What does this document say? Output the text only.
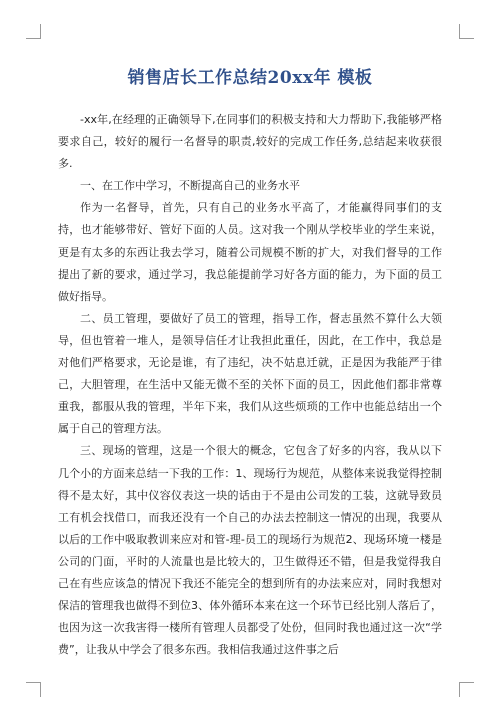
销售店长工作总结20xx年 模板

-xx年,在经理的正确领导下,在同事们的积极支持和大力帮助下,我能够严格要求自己，较好的履行一名督导的职责,较好的完成工作任务,总结起来收获很多.

一、在工作中学习，不断提高自己的业务水平

作为一名督导，首先，只有自己的业务水平高了，才能赢得同事们的支持，也才能够带好、管好下面的人员。这对我一个刚从学校毕业的学生来说，更是有太多的东西让我去学习，随着公司规模不断的扩大，对我们督导的工作提出了新的要求，通过学习，我总能提前学习好各方面的能力，为下面的员工做好指导。

二、员工管理，要做好了员工的管理，指导工作，督志虽然不算什么大领导，但也管着一堆人，是领导信任才让我担此重任，因此，在工作中，我总是对他们严格要求，无论是谁，有了违纪，决不姑息迁就，正是因为我能严于律己，大胆管理，在生活中又能无微不至的关怀下面的员工，因此他们都非常尊重我，都服从我的管理，半年下来，我们从这些烦琐的工作中也能总结出一个属于自己的管理方法。

三、现场的管理，这是一个很大的概念，它包含了好多的内容，我从以下几个小的方面来总结一下我的工作：1、现场行为规范，从整体来说我觉得控制得不是太好，其中仪容仪表这一块的话由于不是由公司发的工装，这就导致员工有机会找借口，而我还没有一个自己的办法去控制这一情况的出现，我要从以后的工作中吸取教训来应对和管-理-员工的现场行为规范2、现场环境一楼是公司的门面，平时的人流量也是比较大的，卫生做得还不错，但是我觉得我自己在有些应该急的情况下我还不能完全的想到所有的办法来应对，同时我想对保洁的管理我也做得不到位3、体外循环本来在这一个环节已经比别人落后了，也因为这一次我害得一楼所有管理人员都受了处份，但同时我也通过这一次“学费”，让我从中学会了很多东西。我相信我通过这件事之后
